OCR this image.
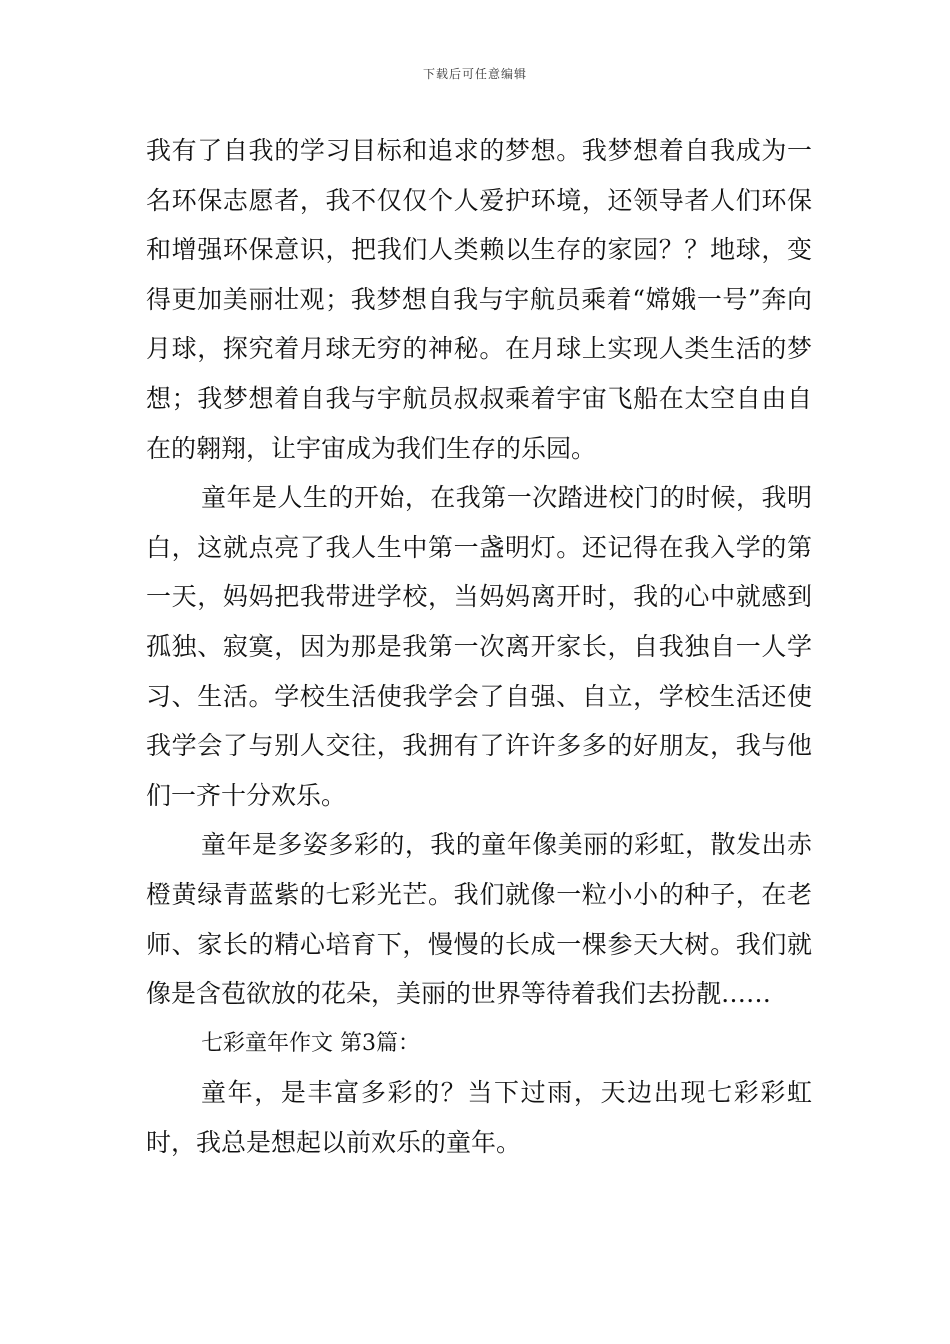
下载后可任意编辑

我有了自我的学习目标和追求的梦想。我梦想着自我成为一名环保志愿者，我不仅仅个人爱护环境，还领导者人们环保和增强环保意识，把我们人类赖以生存的家园？？地球，变得更加美丽壮观；我梦想自我与宇航员乘着“嫦娥一号”奔向月球，探究着月球无穷的神秘。在月球上实现人类生活的梦想；我梦想着自我与宇航员叔叔乘着宇宙飞船在太空自由自在的翱翔，让宇宙成为我们生存的乐园。

童年是人生的开始，在我第一次踏进校门的时候，我明白，这就点亮了我人生中第一盏明灯。还记得在我入学的第一天，妈妈把我带进学校，当妈妈离开时，我的心中就感到孤独、寂寞，因为那是我第一次离开家长，自我独自一人学习、生活。学校生活使我学会了自强、自立，学校生活还使我学会了与别人交往，我拥有了许许多多的好朋友，我与他们一齐十分欢乐。

童年是多姿多彩的，我的童年像美丽的彩虹，散发出赤橙黄绿青蓝紫的七彩光芒。我们就像一粒小小的种子，在老师、家长的精心培育下，慢慢的长成一棵参天大树。我们就像是含苞欲放的花朵，美丽的世界等待着我们去扮靓……

七彩童年作文 第3篇：

童年，是丰富多彩的？当下过雨，天边出现七彩彩虹时，我总是想起以前欢乐的童年。
